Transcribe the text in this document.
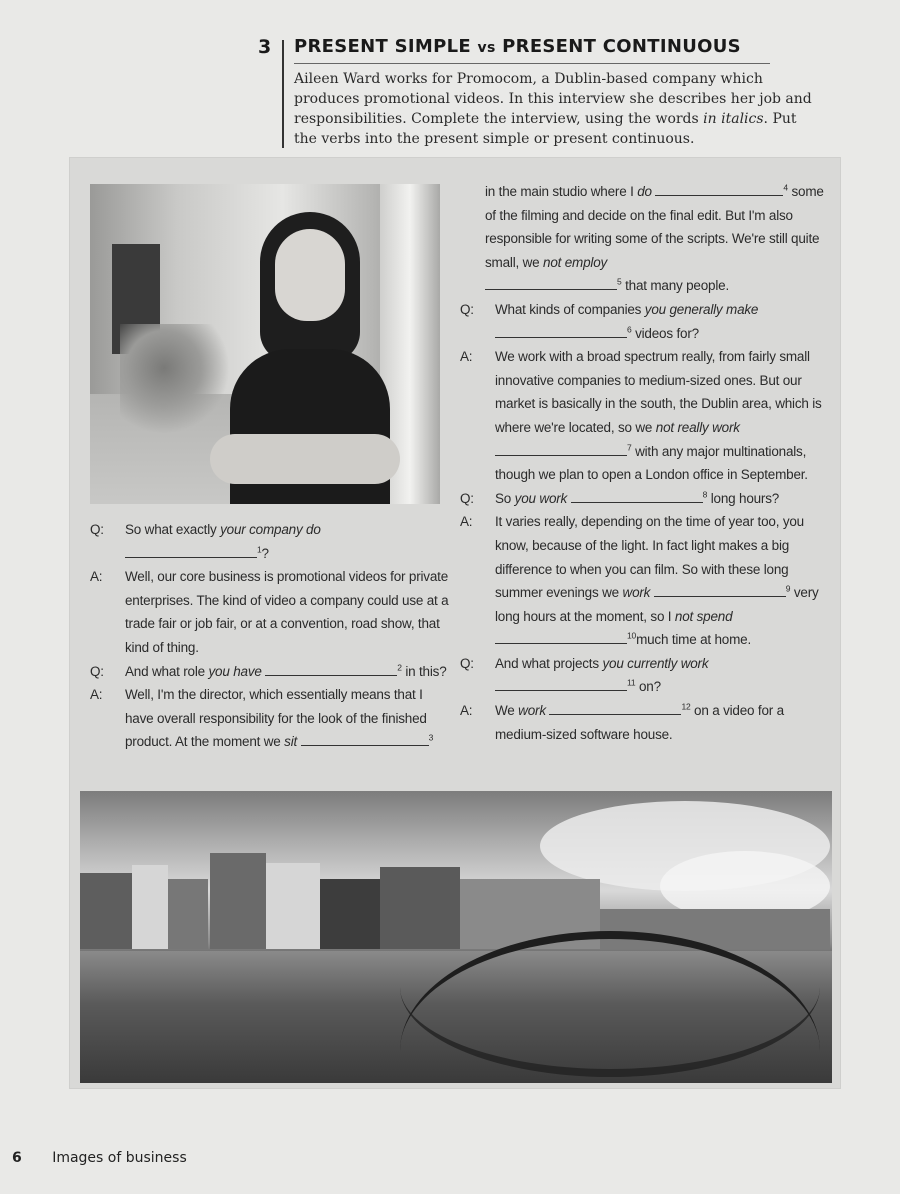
3 PRESENT SIMPLE vs PRESENT CONTINUOUS
Aileen Ward works for Promocom, a Dublin-based company which produces promotional videos. In this interview she describes her job and responsibilities. Complete the interview, using the words in italics. Put the verbs into the present simple or present continuous.
Q: So what exactly your company do
$^1$?
A: Well, our core business is promotional videos for private enterprises. The kind of video a company could use at a trade fair or job fair, or at a convention, road show, that kind of thing.
Q: And what role you have	$^2$ in this?
A: Well, I'm the director, which essentially means that I have overall responsibility for the look of the finished product. At the moment we sit	$^3$
in the main studio where I do	$^4$ some of the filming and decide on the final edit. But I'm also responsible for writing some of the scripts. We're still quite small, we not employ
$^5$ that many people.
Q: What kinds of companies you generally make
$^6$ videos for?
A: We work with a broad spectrum really, from fairly small innovative companies to medium-sized ones. But our market is basically in the south, the Dublin area, which is where we're located, so we not really work
$^7$ with any major multinationals, though we plan to open a London office in September.
Q: So you work	$^8$ long hours?
A: It varies really, depending on the time of year too, you know, because of the light. In fact light makes a big difference to when you can film. So with these long summer evenings we work	$^9$ very long hours at the moment, so I not spend
$^{10}$much time at home.
Q: And what projects you currently work
$^{11}$ on?
A: We work	$^{12}$ on a video for a medium-sized software house.
6 Images of business
